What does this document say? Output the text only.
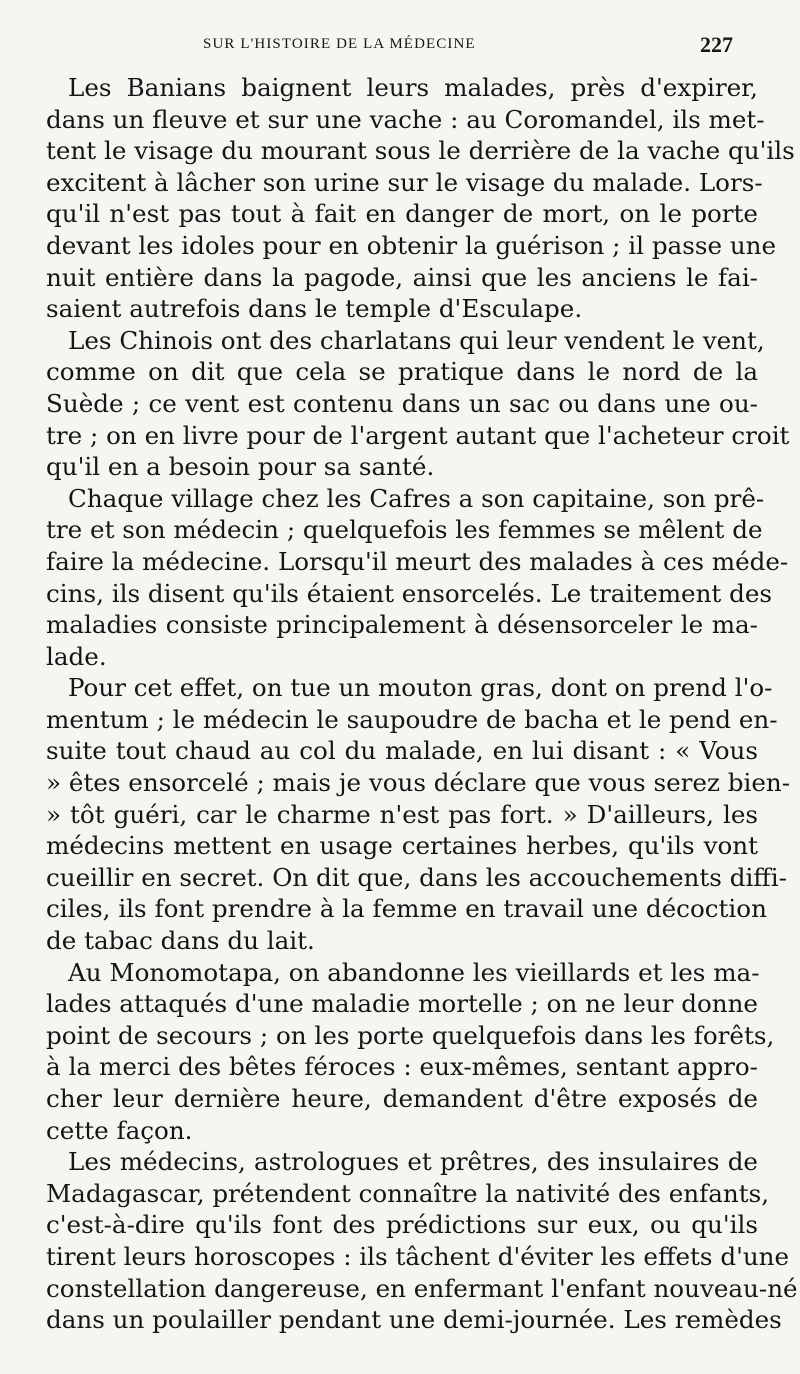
SUR L'HISTOIRE DE LA MÉDECINE	227

Les Banians baignent leurs malades, près d'expirer,
dans un fleuve et sur une vache : au Coromandel, ils met-
tent le visage du mourant sous le derrière de la vache qu'ils
excitent à lâcher son urine sur le visage du malade. Lors-
qu'il n'est pas tout à fait en danger de mort, on le porte
devant les idoles pour en obtenir la guérison ; il passe une
nuit entière dans la pagode, ainsi que les anciens le fai-
saient autrefois dans le temple d'Esculape.

Les Chinois ont des charlatans qui leur vendent le vent,
comme on dit que cela se pratique dans le nord de la
Suède ; ce vent est contenu dans un sac ou dans une ou-
tre ; on en livre pour de l'argent autant que l'acheteur croit
qu'il en a besoin pour sa santé.

Chaque village chez les Cafres a son capitaine, son prê-
tre et son médecin ; quelquefois les femmes se mêlent de
faire la médecine. Lorsqu'il meurt des malades à ces méde-
cins, ils disent qu'ils étaient ensorcelés. Le traitement des
maladies consiste principalement à désensorceler le ma-
lade.

Pour cet effet, on tue un mouton gras, dont on prend l'o-
mentum ; le médecin le saupoudre de bacha et le pend en-
suite tout chaud au col du malade, en lui disant : « Vous
» êtes ensorcelé ; mais je vous déclare que vous serez bien-
» tôt guéri, car le charme n'est pas fort. » D'ailleurs, les
médecins mettent en usage certaines herbes, qu'ils vont
cueillir en secret. On dit que, dans les accouchements diffi-
ciles, ils font prendre à la femme en travail une décoction
de tabac dans du lait.

Au Monomotapa, on abandonne les vieillards et les ma-
lades attaqués d'une maladie mortelle ; on ne leur donne
point de secours ; on les porte quelquefois dans les forêts,
à la merci des bêtes féroces : eux-mêmes, sentant appro-
cher leur dernière heure, demandent d'être exposés de
cette façon.

Les médecins, astrologues et prêtres, des insulaires de
Madagascar, prétendent connaître la nativité des enfants,
c'est-à-dire qu'ils font des prédictions sur eux, ou qu'ils
tirent leurs horoscopes : ils tâchent d'éviter les effets d'une
constellation dangereuse, en enfermant l'enfant nouveau-né
dans un poulailler pendant une demi-journée. Les remèdes
